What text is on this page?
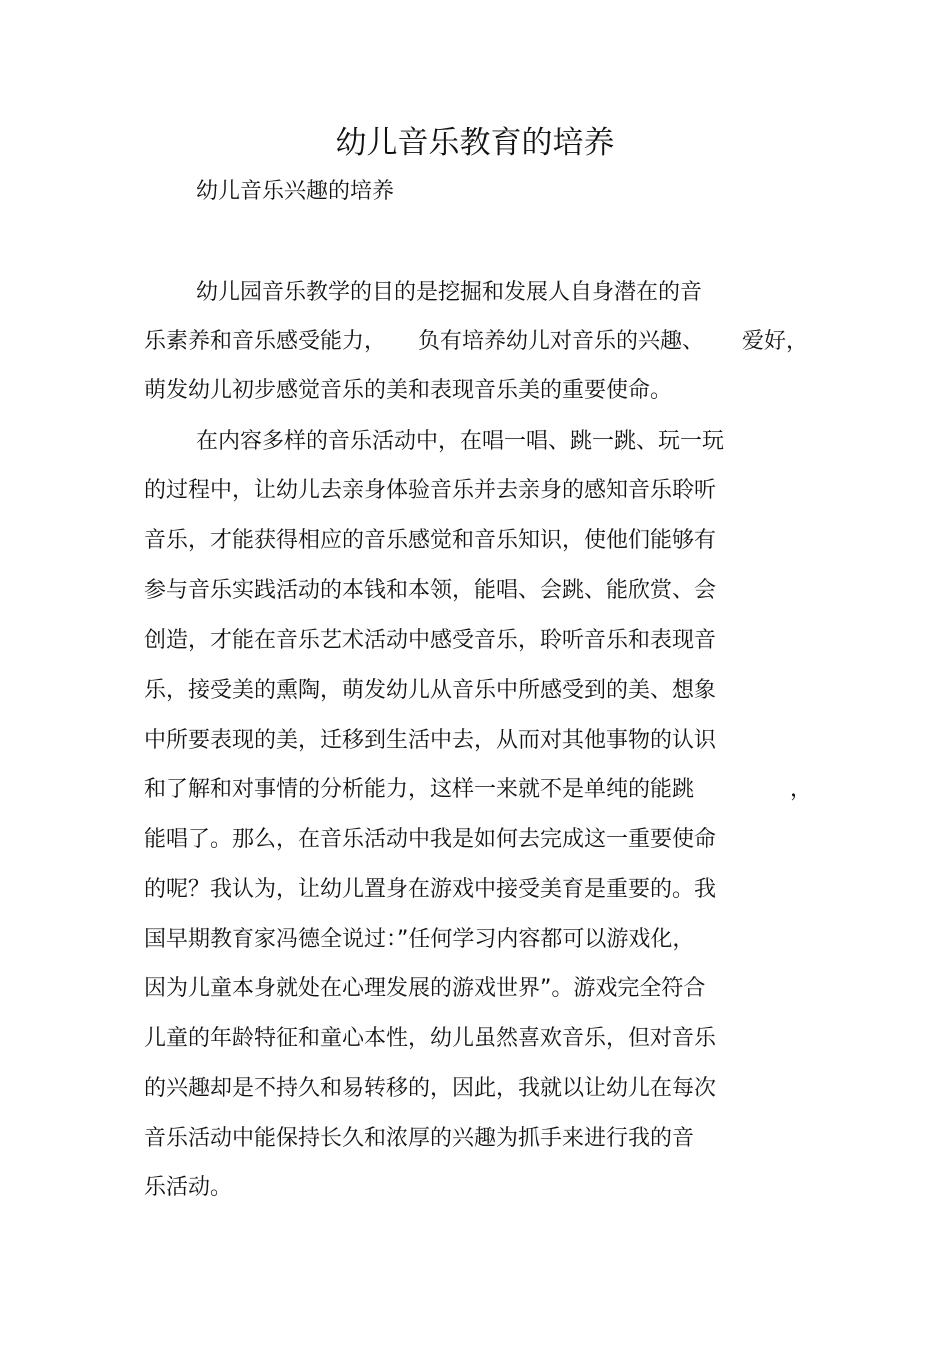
幼儿音乐教育的培养
幼儿音乐兴趣的培养
幼儿园音乐教学的目的是挖掘和发展人自身潜在的音
乐素养和音乐感受能力， 负有培养幼儿对音乐的兴趣、 爱好，
萌发幼儿初步感觉音乐的美和表现音乐美的重要使命。
在内容多样的音乐活动中，在唱一唱、跳一跳、玩一玩
的过程中，让幼儿去亲身体验音乐并去亲身的感知音乐聆听
音乐，才能获得相应的音乐感觉和音乐知识，使他们能够有
参与音乐实践活动的本钱和本领，能唱、会跳、能欣赏、会
创造，才能在音乐艺术活动中感受音乐，聆听音乐和表现音
乐，接受美的熏陶，萌发幼儿从音乐中所感受到的美、想象
中所要表现的美，迁移到生活中去，从而对其他事物的认识
和了解和对事情的分析能力，这样一来就不是单纯的能跳	，
能唱了。那么，在音乐活动中我是如何去完成这一重要使命
的呢？我认为，让幼儿置身在游戏中接受美育是重要的。我
国早期教育家冯德全说过：”任何学习内容都可以游戏化，
因为儿童本身就处在心理发展的游戏世界”。游戏完全符合
儿童的年龄特征和童心本性，幼儿虽然喜欢音乐，但对音乐
的兴趣却是不持久和易转移的，因此，我就以让幼儿在每次
音乐活动中能保持长久和浓厚的兴趣为抓手来进行我的音
乐活动。
